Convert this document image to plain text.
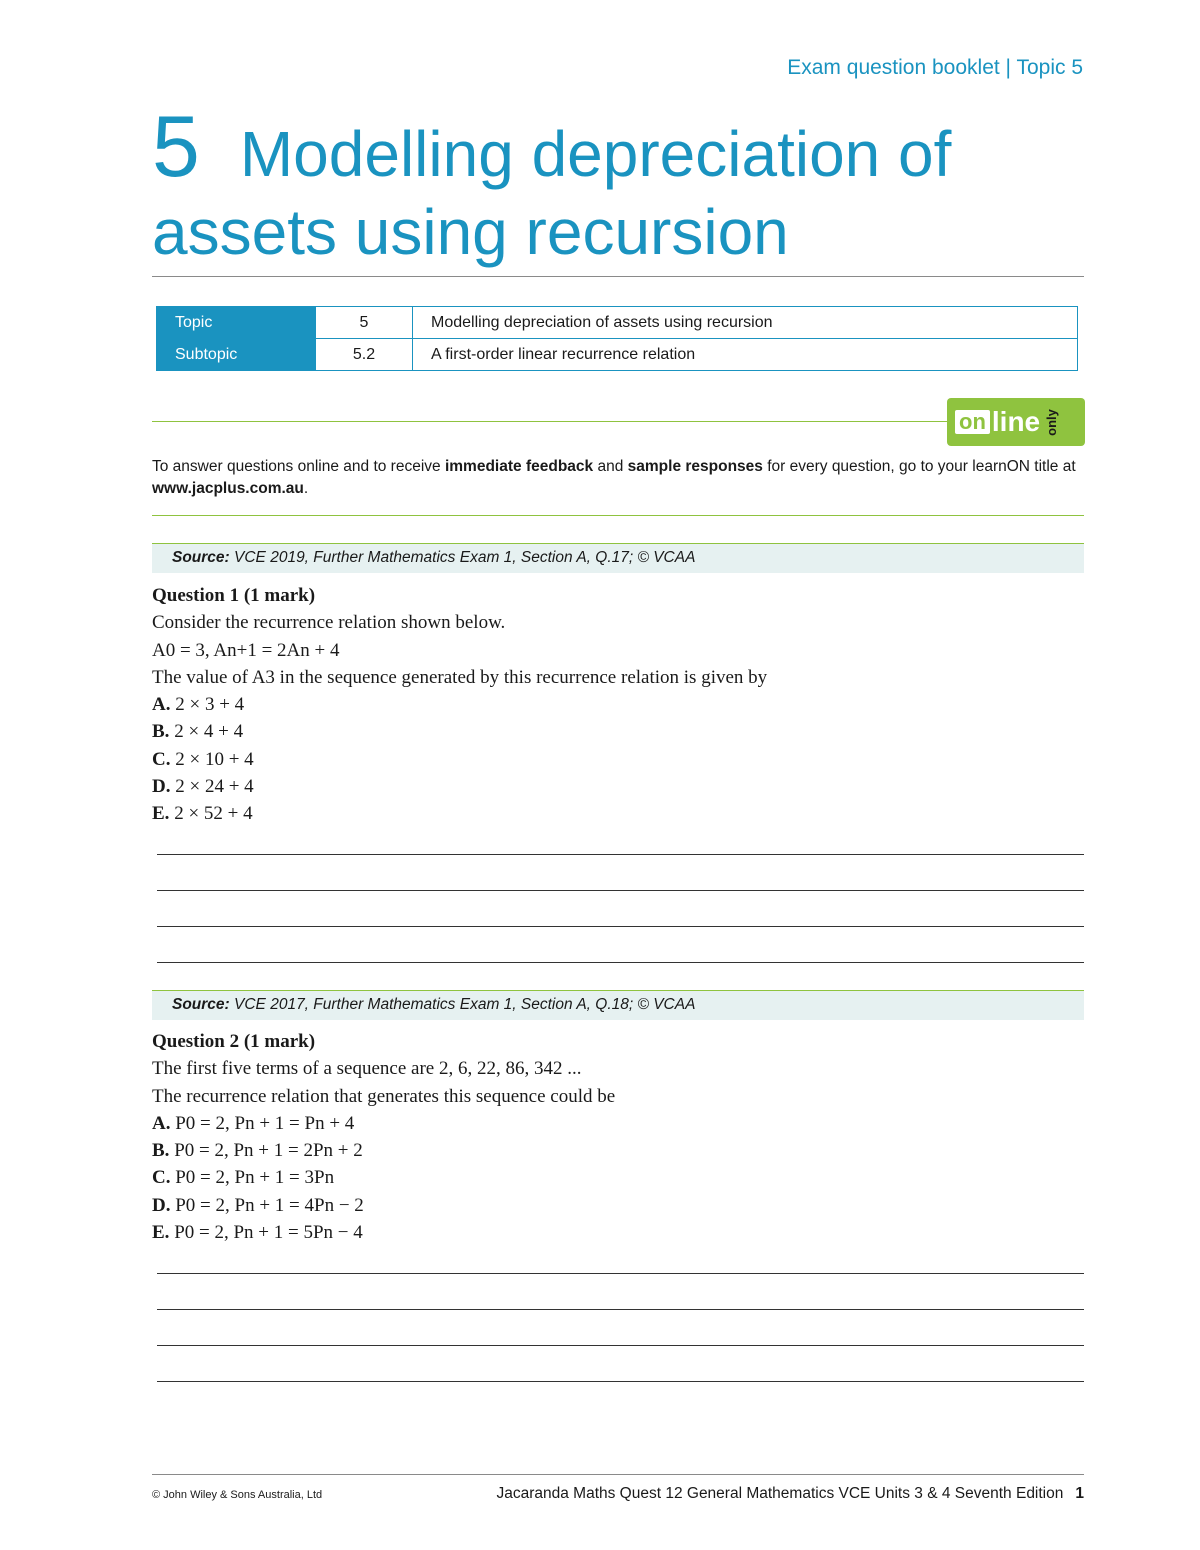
Exam question booklet | Topic 5
5 Modelling depreciation of assets using recursion
Topic	5	Modelling depreciation of assets using recursion
Subtopic	5.2	A first-order linear recurrence relation
on line only
To answer questions online and to receive immediate feedback and sample responses for every question, go to your learnON title at www.jacplus.com.au.
Source: VCE 2019, Further Mathematics Exam 1, Section A, Q.17; © VCAA
Question 1 (1 mark)
Consider the recurrence relation shown below.
A0 = 3, An+1 = 2An + 4
The value of A3 in the sequence generated by this recurrence relation is given by
A. 2 × 3 + 4
B. 2 × 4 + 4
C. 2 × 10 + 4
D. 2 × 24 + 4
E. 2 × 52 + 4
Source: VCE 2017, Further Mathematics Exam 1, Section A, Q.18; © VCAA
Question 2 (1 mark)
The first five terms of a sequence are 2, 6, 22, 86, 342 ...
The recurrence relation that generates this sequence could be
A. P0 = 2, Pn + 1 = Pn + 4
B. P0 = 2, Pn + 1 = 2Pn + 2
C. P0 = 2, Pn + 1 = 3Pn
D. P0 = 2, Pn + 1 = 4Pn − 2
E. P0 = 2, Pn + 1 = 5Pn − 4
© John Wiley & Sons Australia, Ltd	Jacaranda Maths Quest 12 General Mathematics VCE Units 3 & 4 Seventh Edition 1
